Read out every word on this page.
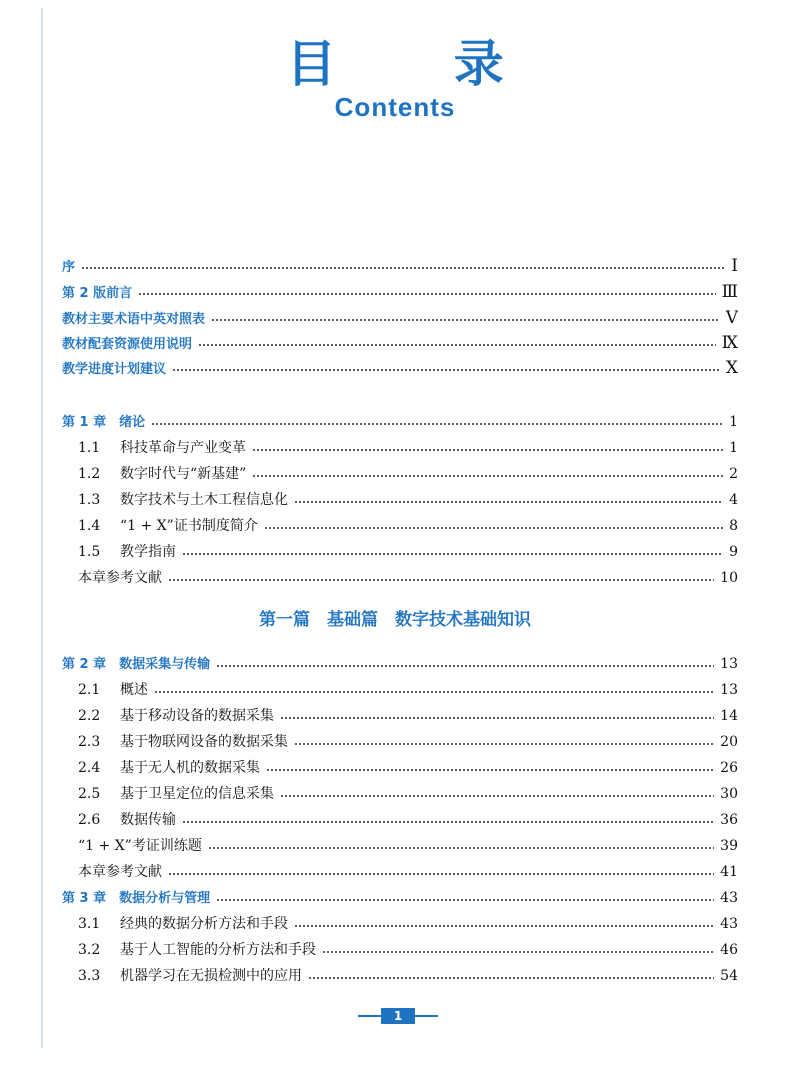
目 录
Contents
序	I
第 2 版前言	Ⅲ
教材主要术语中英对照表	V
教材配套资源使用说明	Ⅸ
教学进度计划建议	X
第 1 章　绪论	1
1.1 科技革命与产业变革	1
1.2 数字时代与“新基建”	2
1.3 数字技术与土木工程信息化	4
1.4 “1 + X”证书制度简介	8
1.5 教学指南	9
本章参考文献	10
第一篇　基础篇　数字技术基础知识
第 2 章　数据采集与传输	13
2.1 概述	13
2.2 基于移动设备的数据采集	14
2.3 基于物联网设备的数据采集	20
2.4 基于无人机的数据采集	26
2.5 基于卫星定位的信息采集	30
2.6 数据传输	36
“1 + X”考证训练题	39
本章参考文献	41
第 3 章　数据分析与管理	43
3.1 经典的数据分析方法和手段	43
3.2 基于人工智能的分析方法和手段	46
3.3 机器学习在无损检测中的应用	54
1
